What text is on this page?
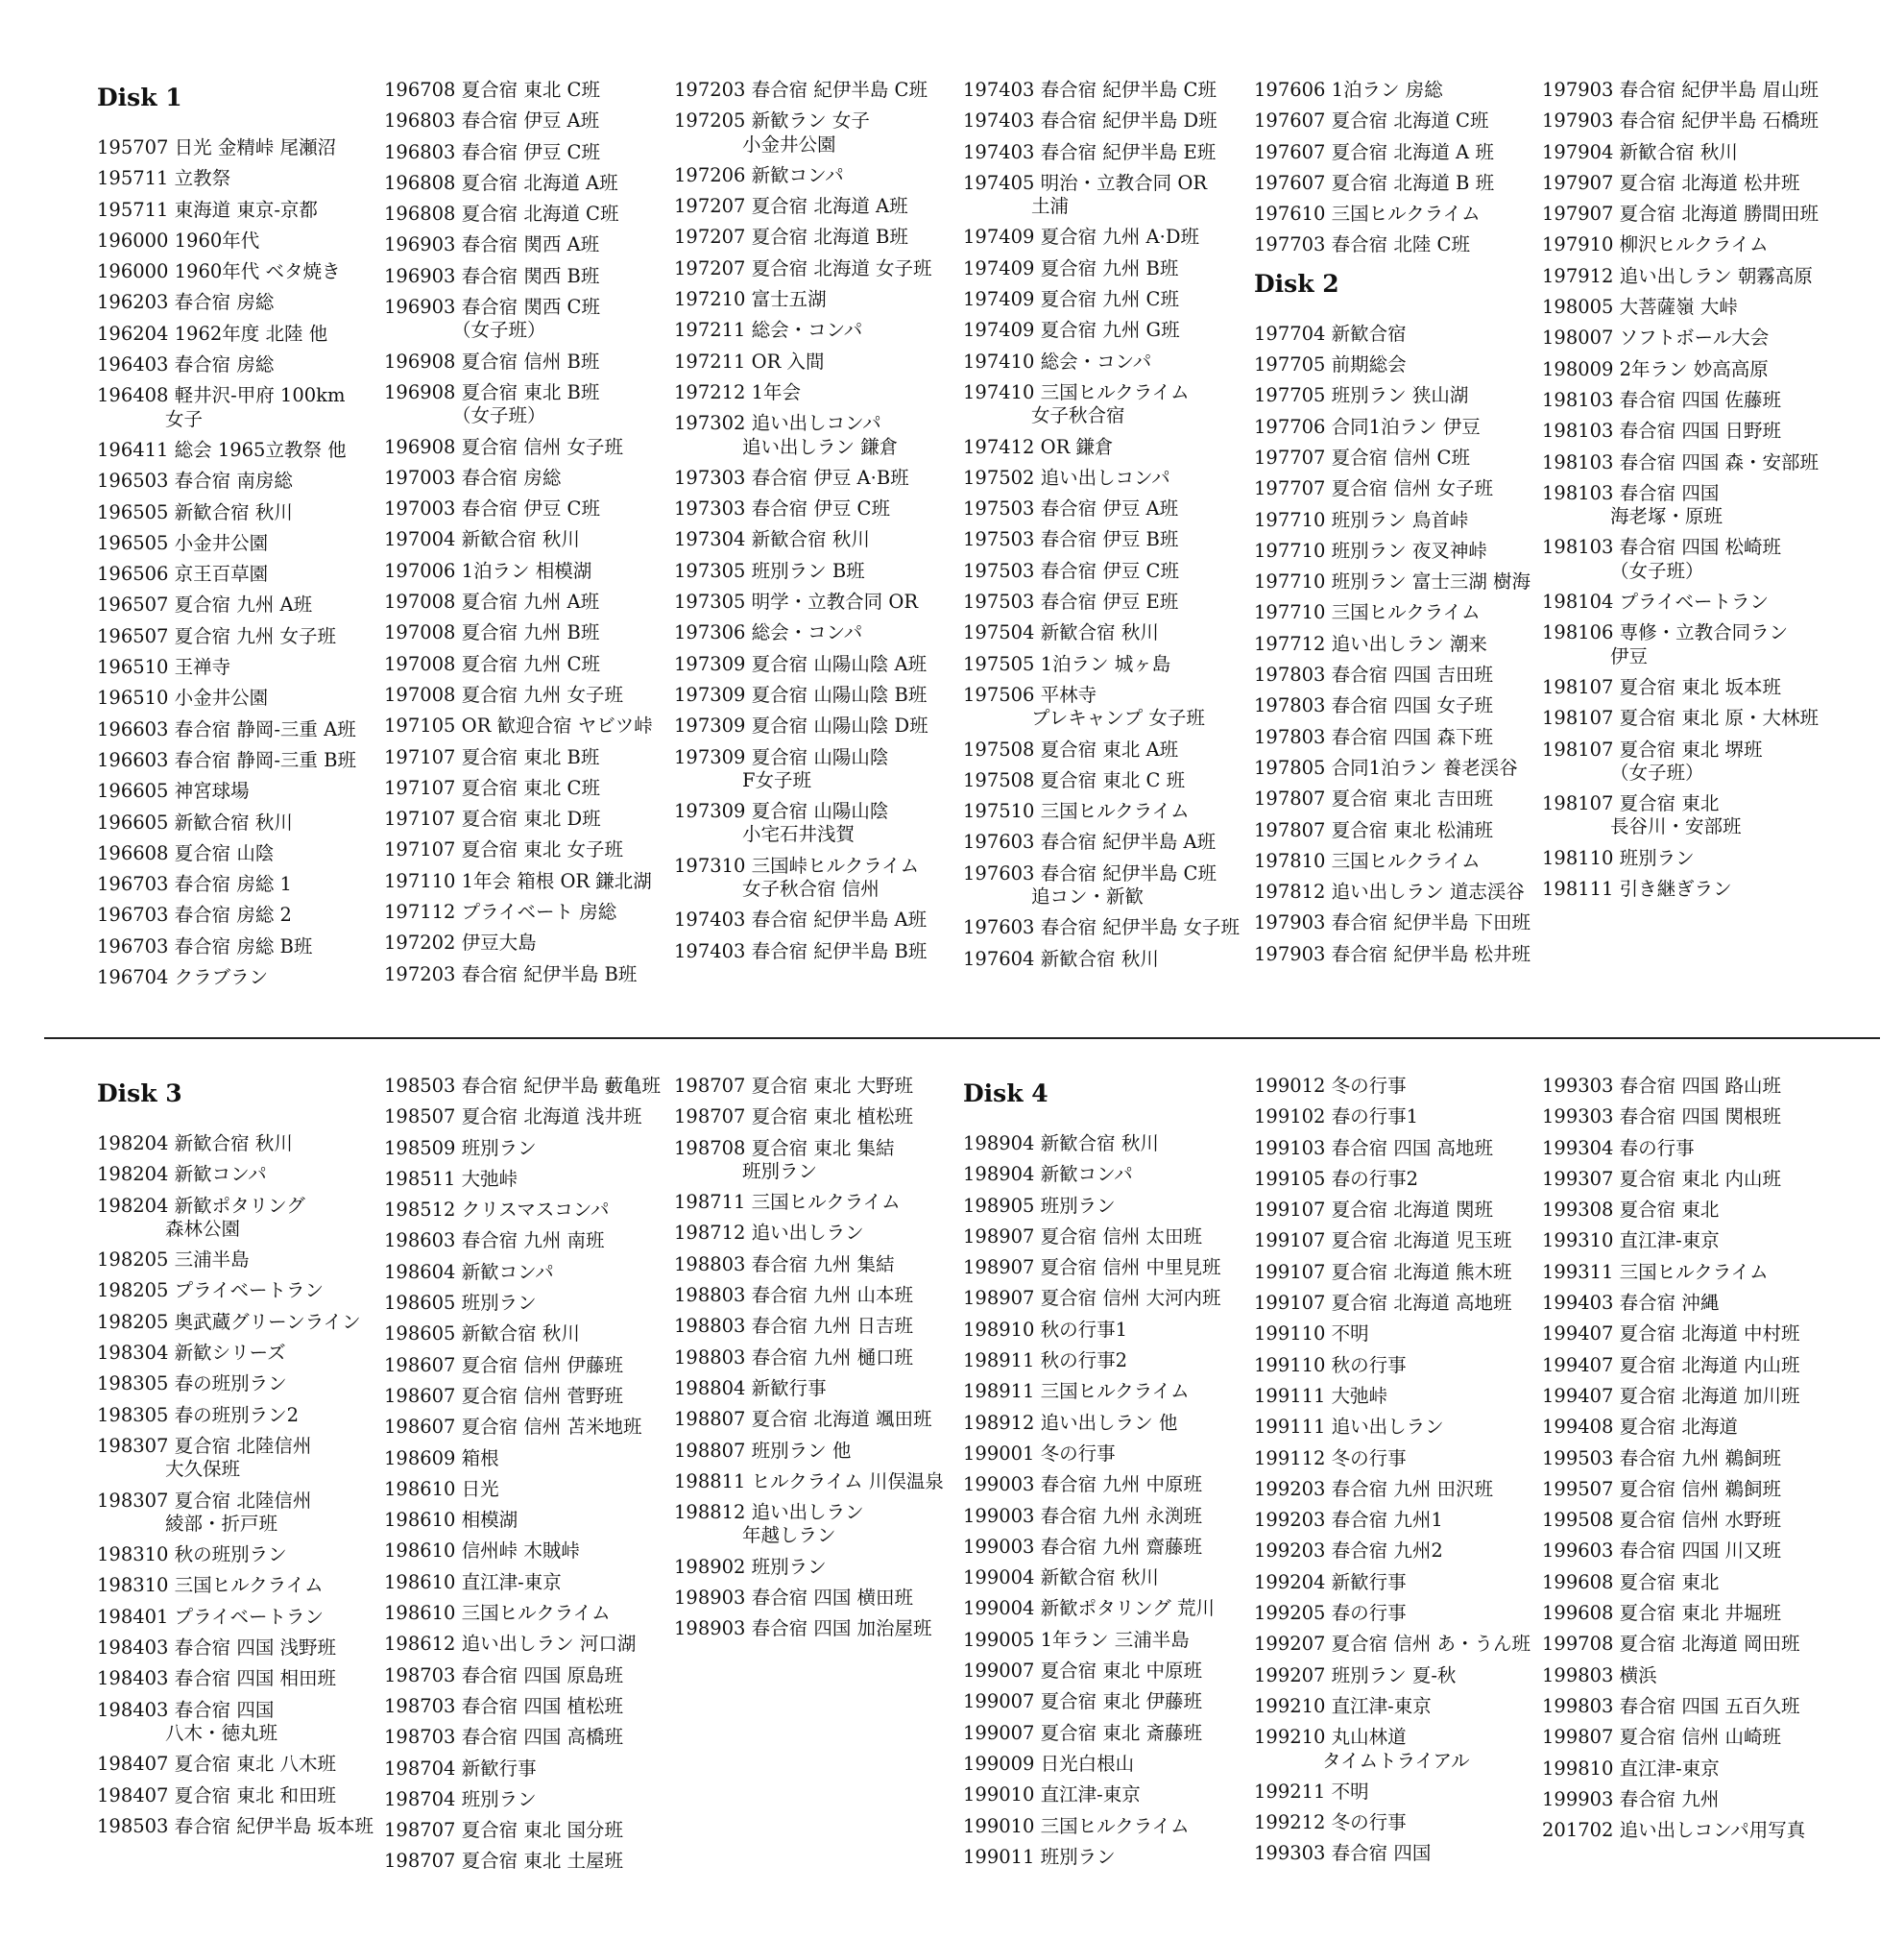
Disk 1
195707 日光 金精峠 尾瀬沼
195711 立教祭
195711 東海道 東京-京都
196000 1960年代
196000 1960年代 ベタ焼き
196203 春合宿 房総
196204 1962年度 北陸 他
196403 春合宿 房総
196408 軽井沢-甲府 100km
女子
196411 総会 1965立教祭 他
196503 春合宿 南房総
196505 新歓合宿 秋川
196505 小金井公園
196506 京王百草園
196507 夏合宿 九州 A班
196507 夏合宿 九州 女子班
196510 王禅寺
196510 小金井公園
196603 春合宿 静岡-三重 A班
196603 春合宿 静岡-三重 B班
196605 神宮球場
196605 新歓合宿 秋川
196608 夏合宿 山陰
196703 春合宿 房総 1
196703 春合宿 房総 2
196703 春合宿 房総 B班
196704 クラブラン
196708 夏合宿 東北 C班
196803 春合宿 伊豆 A班
196803 春合宿 伊豆 C班
196808 夏合宿 北海道 A班
196808 夏合宿 北海道 C班
196903 春合宿 関西 A班
196903 春合宿 関西 B班
196903 春合宿 関西 C班
（女子班）
196908 夏合宿 信州 B班
196908 夏合宿 東北 B班
（女子班）
196908 夏合宿 信州 女子班
197003 春合宿 房総
197003 春合宿 伊豆 C班
197004 新歓合宿 秋川
197006 1泊ラン 相模湖
197008 夏合宿 九州 A班
197008 夏合宿 九州 B班
197008 夏合宿 九州 C班
197008 夏合宿 九州 女子班
197105 OR 歓迎合宿 ヤビツ峠
197107 夏合宿 東北 B班
197107 夏合宿 東北 C班
197107 夏合宿 東北 D班
197107 夏合宿 東北 女子班
197110 1年会 箱根 OR 鎌北湖
197112 プライベート 房総
197202 伊豆大島
197203 春合宿 紀伊半島 B班
197203 春合宿 紀伊半島 C班
197205 新歓ラン 女子
小金井公園
197206 新歓コンパ
197207 夏合宿 北海道 A班
197207 夏合宿 北海道 B班
197207 夏合宿 北海道 女子班
197210 富士五湖
197211 総会・コンパ
197211 OR 入間
197212 1年会
197302 追い出しコンパ
追い出しラン 鎌倉
197303 春合宿 伊豆 A·B班
197303 春合宿 伊豆 C班
197304 新歓合宿 秋川
197305 班別ラン B班
197305 明学・立教合同 OR
197306 総会・コンパ
197309 夏合宿 山陽山陰 A班
197309 夏合宿 山陽山陰 B班
197309 夏合宿 山陽山陰 D班
197309 夏合宿 山陽山陰
F女子班
197309 夏合宿 山陽山陰
小宅石井浅賀
197310 三国峠ヒルクライム
女子秋合宿 信州
197403 春合宿 紀伊半島 A班
197403 春合宿 紀伊半島 B班
197403 春合宿 紀伊半島 C班
197403 春合宿 紀伊半島 D班
197403 春合宿 紀伊半島 E班
197405 明治・立教合同 OR
土浦
197409 夏合宿 九州 A·D班
197409 夏合宿 九州 B班
197409 夏合宿 九州 C班
197409 夏合宿 九州 G班
197410 総会・コンパ
197410 三国ヒルクライム
女子秋合宿
197412 OR 鎌倉
197502 追い出しコンパ
197503 春合宿 伊豆 A班
197503 春合宿 伊豆 B班
197503 春合宿 伊豆 C班
197503 春合宿 伊豆 E班
197504 新歓合宿 秋川
197505 1泊ラン 城ヶ島
197506 平林寺
プレキャンプ 女子班
197508 夏合宿 東北 A班
197508 夏合宿 東北 C 班
197510 三国ヒルクライム
197603 春合宿 紀伊半島 A班
197603 春合宿 紀伊半島 C班
追コン・新歓
197603 春合宿 紀伊半島 女子班
197604 新歓合宿 秋川
197606 1泊ラン 房総
197607 夏合宿 北海道 C班
197607 夏合宿 北海道 A 班
197607 夏合宿 北海道 B 班
197610 三国ヒルクライム
197703 春合宿 北陸 C班
Disk 2
197704 新歓合宿
197705 前期総会
197705 班別ラン 狭山湖
197706 合同1泊ラン 伊豆
197707 夏合宿 信州 C班
197707 夏合宿 信州 女子班
197710 班別ラン 鳥首峠
197710 班別ラン 夜叉神峠
197710 班別ラン 富士三湖 樹海
197710 三国ヒルクライム
197712 追い出しラン 潮来
197803 春合宿 四国 吉田班
197803 春合宿 四国 女子班
197803 春合宿 四国 森下班
197805 合同1泊ラン 養老渓谷
197807 夏合宿 東北 吉田班
197807 夏合宿 東北 松浦班
197810 三国ヒルクライム
197812 追い出しラン 道志渓谷
197903 春合宿 紀伊半島 下田班
197903 春合宿 紀伊半島 松井班
197903 春合宿 紀伊半島 眉山班
197903 春合宿 紀伊半島 石橋班
197904 新歓合宿 秋川
197907 夏合宿 北海道 松井班
197907 夏合宿 北海道 勝間田班
197910 柳沢ヒルクライム
197912 追い出しラン 朝霧高原
198005 大菩薩嶺 大峠
198007 ソフトボール大会
198009 2年ラン 妙高高原
198103 春合宿 四国 佐藤班
198103 春合宿 四国 日野班
198103 春合宿 四国 森・安部班
198103 春合宿 四国
海老塚・原班
198103 春合宿 四国 松崎班
（女子班）
198104 プライベートラン
198106 専修・立教合同ラン
伊豆
198107 夏合宿 東北 坂本班
198107 夏合宿 東北 原・大林班
198107 夏合宿 東北 堺班
（女子班）
198107 夏合宿 東北
長谷川・安部班
198110 班別ラン
198111 引き継ぎラン
Disk 3
198204 新歓合宿 秋川
198204 新歓コンパ
198204 新歓ポタリング
森林公園
198205 三浦半島
198205 プライベートラン
198205 奥武蔵グリーンライン
198304 新歓シリーズ
198305 春の班別ラン
198305 春の班別ラン2
198307 夏合宿 北陸信州
大久保班
198307 夏合宿 北陸信州
綾部・折戸班
198310 秋の班別ラン
198310 三国ヒルクライム
198401 プライベートラン
198403 春合宿 四国 浅野班
198403 春合宿 四国 相田班
198403 春合宿 四国
八木・徳丸班
198407 夏合宿 東北 八木班
198407 夏合宿 東北 和田班
198503 春合宿 紀伊半島 坂本班
198503 春合宿 紀伊半島 藪亀班
198507 夏合宿 北海道 浅井班
198509 班別ラン
198511 大弛峠
198512 クリスマスコンパ
198603 春合宿 九州 南班
198604 新歓コンパ
198605 班別ラン
198605 新歓合宿 秋川
198607 夏合宿 信州 伊藤班
198607 夏合宿 信州 菅野班
198607 夏合宿 信州 苫米地班
198609 箱根
198610 日光
198610 相模湖
198610 信州峠 木賊峠
198610 直江津-東京
198610 三国ヒルクライム
198612 追い出しラン 河口湖
198703 春合宿 四国 原島班
198703 春合宿 四国 植松班
198703 春合宿 四国 高橋班
198704 新歓行事
198704 班別ラン
198707 夏合宿 東北 国分班
198707 夏合宿 東北 土屋班
198707 夏合宿 東北 大野班
198707 夏合宿 東北 植松班
198708 夏合宿 東北 集結
班別ラン
198711 三国ヒルクライム
198712 追い出しラン
198803 春合宿 九州 集結
198803 春合宿 九州 山本班
198803 春合宿 九州 日吉班
198803 春合宿 九州 樋口班
198804 新歓行事
198807 夏合宿 北海道 颯田班
198807 班別ラン 他
198811 ヒルクライム 川俣温泉
198812 追い出しラン
年越しラン
198902 班別ラン
198903 春合宿 四国 横田班
198903 春合宿 四国 加治屋班
Disk 4
198904 新歓合宿 秋川
198904 新歓コンパ
198905 班別ラン
198907 夏合宿 信州 太田班
198907 夏合宿 信州 中里見班
198907 夏合宿 信州 大河内班
198910 秋の行事1
198911 秋の行事2
198911 三国ヒルクライム
198912 追い出しラン 他
199001 冬の行事
199003 春合宿 九州 中原班
199003 春合宿 九州 永渕班
199003 春合宿 九州 齋藤班
199004 新歓合宿 秋川
199004 新歓ポタリング 荒川
199005 1年ラン 三浦半島
199007 夏合宿 東北 中原班
199007 夏合宿 東北 伊藤班
199007 夏合宿 東北 斎藤班
199009 日光白根山
199010 直江津-東京
199010 三国ヒルクライム
199011 班別ラン
199012 冬の行事
199102 春の行事1
199103 春合宿 四国 高地班
199105 春の行事2
199107 夏合宿 北海道 関班
199107 夏合宿 北海道 児玉班
199107 夏合宿 北海道 熊木班
199107 夏合宿 北海道 高地班
199110 不明
199110 秋の行事
199111 大弛峠
199111 追い出しラン
199112 冬の行事
199203 春合宿 九州 田沢班
199203 春合宿 九州1
199203 春合宿 九州2
199204 新歓行事
199205 春の行事
199207 夏合宿 信州 あ・うん班
199207 班別ラン 夏-秋
199210 直江津-東京
199210 丸山林道
タイムトライアル
199211 不明
199212 冬の行事
199303 春合宿 四国
199303 春合宿 四国 路山班
199303 春合宿 四国 関根班
199304 春の行事
199307 夏合宿 東北 内山班
199308 夏合宿 東北
199310 直江津-東京
199311 三国ヒルクライム
199403 春合宿 沖縄
199407 夏合宿 北海道 中村班
199407 夏合宿 北海道 内山班
199407 夏合宿 北海道 加川班
199408 夏合宿 北海道
199503 春合宿 九州 鵜飼班
199507 夏合宿 信州 鵜飼班
199508 夏合宿 信州 水野班
199603 春合宿 四国 川又班
199608 夏合宿 東北
199608 夏合宿 東北 井堀班
199708 夏合宿 北海道 岡田班
199803 横浜
199803 春合宿 四国 五百久班
199807 夏合宿 信州 山崎班
199810 直江津-東京
199903 春合宿 九州
201702 追い出しコンパ用写真
